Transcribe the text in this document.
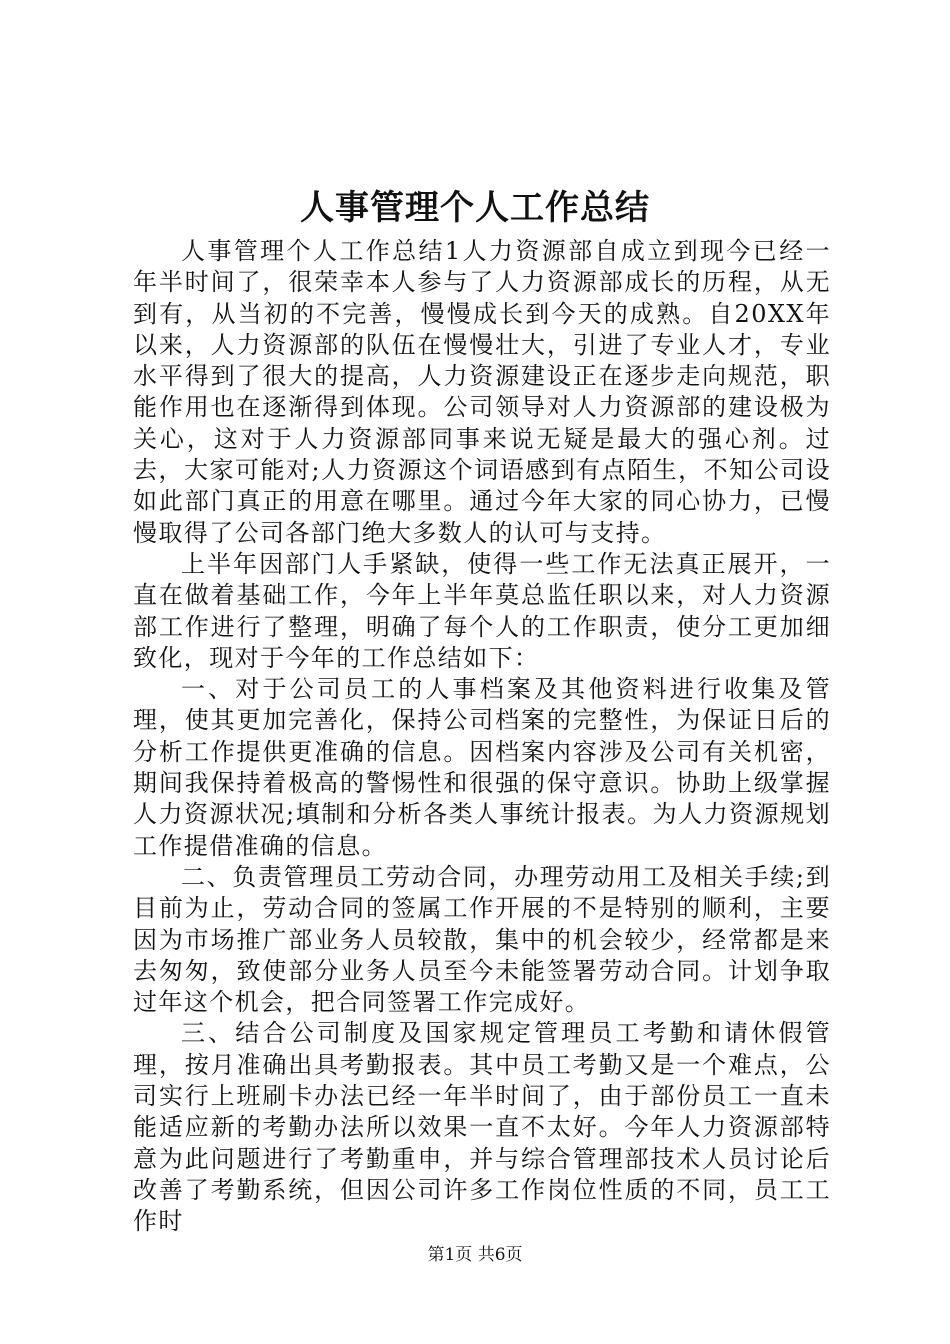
人事管理个人工作总结

人事管理个人工作总结1人力资源部自成立到现今已经一年半时间了，很荣幸本人参与了人力资源部成长的历程，从无到有，从当初的不完善，慢慢成长到今天的成熟。自20XX年以来，人力资源部的队伍在慢慢壮大，引进了专业人才，专业水平得到了很大的提高，人力资源建设正在逐步走向规范，职能作用也在逐渐得到体现。公司领导对人力资源部的建设极为关心，这对于人力资源部同事来说无疑是最大的强心剂。过去，大家可能对;人力资源这个词语感到有点陌生，不知公司设如此部门真正的用意在哪里。通过今年大家的同心协力，已慢慢取得了公司各部门绝大多数人的认可与支持。

上半年因部门人手紧缺，使得一些工作无法真正展开，一直在做着基础工作，今年上半年莫总监任职以来，对人力资源部工作进行了整理，明确了每个人的工作职责，使分工更加细致化，现对于今年的工作总结如下：

一、对于公司员工的人事档案及其他资料进行收集及管理，使其更加完善化，保持公司档案的完整性，为保证日后的分析工作提供更准确的信息。因档案内容涉及公司有关机密，期间我保持着极高的警惕性和很强的保守意识。协助上级掌握人力资源状况;填制和分析各类人事统计报表。为人力资源规划工作提借准确的信息。

二、负责管理员工劳动合同，办理劳动用工及相关手续;到目前为止，劳动合同的签属工作开展的不是特别的顺利，主要因为市场推广部业务人员较散，集中的机会较少，经常都是来去匆匆，致使部分业务人员至今未能签署劳动合同。计划争取过年这个机会，把合同签署工作完成好。

三、结合公司制度及国家规定管理员工考勤和请休假管理，按月准确出具考勤报表。其中员工考勤又是一个难点，公司实行上班刷卡办法已经一年半时间了，由于部份员工一直未能适应新的考勤办法所以效果一直不太好。今年人力资源部特意为此问题进行了考勤重申，并与综合管理部技术人员讨论后改善了考勤系统，但因公司许多工作岗位性质的不同，员工工作时

第1页 共6页
